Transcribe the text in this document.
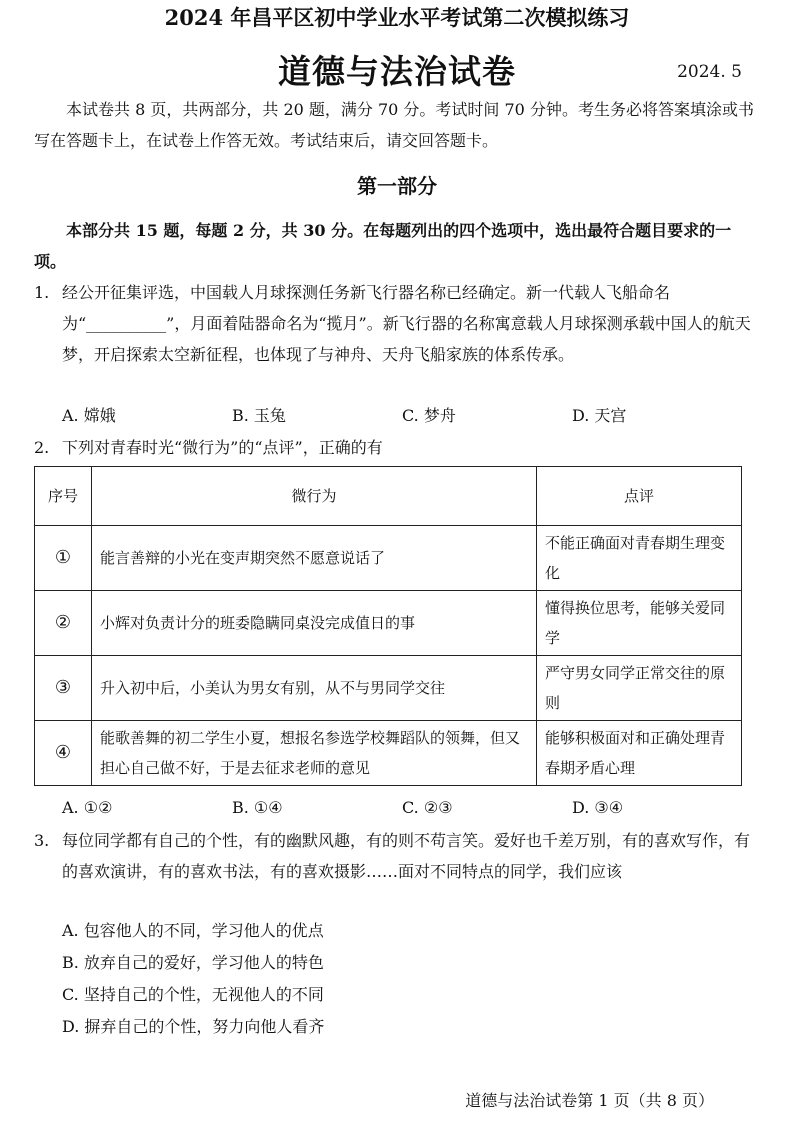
2024 年昌平区初中学业水平考试第二次模拟练习
道德与法治试卷	2024. 5
本试卷共 8 页，共两部分，共 20 题，满分 70 分。考试时间 70 分钟。考生务必将答案填涂或书写在答题卡上，在试卷上作答无效。考试结束后，请交回答题卡。
第一部分
本部分共 15 题，每题 2 分，共 30 分。在每题列出的四个选项中，选出最符合题目要求的一项。
1. 经公开征集评选，中国载人月球探测任务新飞行器名称已经确定。新一代载人飞船命名为“__________”，月面着陆器命名为“揽月”。新飞行器的名称寓意载人月球探测承载中国人的航天梦，开启探索太空新征程，也体现了与神舟、天舟飞船家族的体系传承。
A. 嫦娥	B. 玉兔	C. 梦舟	D. 天宫
2. 下列对青春时光“微行为”的“点评”，正确的有
序号	微行为	点评
①	能言善辩的小光在变声期突然不愿意说话了	不能正确面对青春期生理变化
②	小辉对负责计分的班委隐瞒同桌没完成值日的事	懂得换位思考，能够关爱同学
③	升入初中后，小美认为男女有别，从不与男同学交往	严守男女同学正常交往的原则
④	能歌善舞的初二学生小夏，想报名参选学校舞蹈队的领舞，但又担心自己做不好，于是去征求老师的意见	能够积极面对和正确处理青春期矛盾心理
A. ①②	B. ①④	C. ②③	D. ③④
3. 每位同学都有自己的个性，有的幽默风趣，有的则不苟言笑。爱好也千差万别，有的喜欢写作，有的喜欢演讲，有的喜欢书法，有的喜欢摄影……面对不同特点的同学，我们应该
A. 包容他人的不同，学习他人的优点
B. 放弃自己的爱好，学习他人的特色
C. 坚持自己的个性，无视他人的不同
D. 摒弃自己的个性，努力向他人看齐
道德与法治试卷第 1 页（共 8 页）
